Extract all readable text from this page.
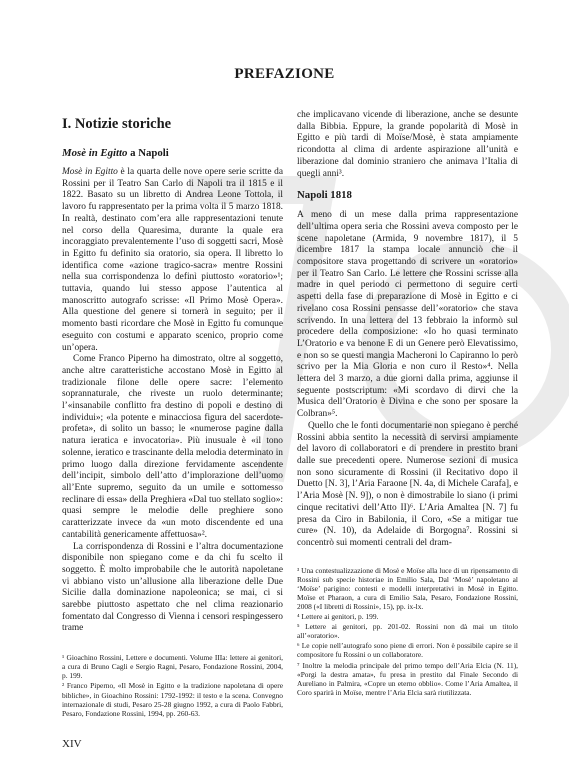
PREFAZIONE
I. Notizie storiche
Mosè in Egitto a Napoli

Mosè in Egitto è la quarta delle nove opere serie scritte da Rossini per il Teatro San Carlo di Napoli tra il 1815 e il 1822. Basato su un libretto di Andrea Leone Tottola, il lavoro fu rappresentato per la prima volta il 5 marzo 1818. In realtà, destinato com’era alle rappresentazioni tenute nel corso della Quaresima, durante la quale era incoraggiato prevalentemente l’uso di soggetti sacri, Mosè in Egitto fu definito sia oratorio, sia opera. Il libretto lo identifica come «azione tragico-sacra» mentre Rossini nella sua corrispondenza lo definì piuttosto «oratorio»¹; tuttavia, quando lui stesso appose l’autentica al manoscritto autografo scrisse: «Il Primo Mosè Opera». Alla questione del genere si tornerà in seguito; per il momento basti ricordare che Mosè in Egitto fu comunque eseguito con costumi e apparato scenico, proprio come un’opera.

Come Franco Piperno ha dimostrato, oltre al soggetto, anche altre caratteristiche accostano Mosè in Egitto al tradizionale filone delle opere sacre: l’elemento soprannaturale, che riveste un ruolo determinante; l’«insanabile conflitto fra destino di popoli e destino di individui»; «la potente e minacciosa figura del sacerdote-profeta», di solito un basso; le «numerose pagine dalla natura ieratica e invocatoria». Più inusuale è «il tono solenne, ieratico e trascinante della melodia determinato in primo luogo dalla direzione fervidamente ascendente dell’incipit, simbolo dell’atto d’implorazione dell’uomo all’Ente supremo, seguito da un umile e sottomesso reclinare di essa» della Preghiera «Dal tuo stellato soglio»: quasi sempre le melodie delle preghiere sono caratterizzate invece da «un moto discendente ed una cantabilità genericamente affettuosa»².

La corrispondenza di Rossini e l’altra documentazione disponibile non spiegano come e da chi fu scelto il soggetto. È molto improbabile che le autorità napoletane vi abbiano visto un’allusione alla liberazione delle Due Sicilie dalla dominazione napoleonica; se mai, ci si sarebbe piuttosto aspettato che nel clima reazionario fomentato dal Congresso di Vienna i censori respingessero trame

¹ Gioachino Rossini, Lettere e documenti. Volume IIIa: lettere ai genitori, a cura di Bruno Cagli e Sergio Ragni, Pesaro, Fondazione Rossini, 2004, p. 199.

² Franco Piperno, «Il Mosè in Egitto e la tradizione napoletana di opere bibliche», in Gioachino Rossini: 1792-1992: il testo e la scena. Convegno internazionale di studi, Pesaro 25-28 giugno 1992, a cura di Paolo Fabbri, Pesaro, Fondazione Rossini, 1994, pp. 260-63.

che implicavano vicende di liberazione, anche se desunte dalla Bibbia. Eppure, la grande popolarità di Mosè in Egitto e più tardi di Moïse/Mosè, è stata ampiamente ricondotta al clima di ardente aspirazione all’unità e liberazione dal dominio straniero che animava l’Italia di quegli anni³.

Napoli 1818

A meno di un mese dalla prima rappresentazione dell’ultima opera seria che Rossini aveva composto per le scene napoletane (Armida, 9 novembre 1817), il 5 dicembre 1817 la stampa locale annunciò che il compositore stava progettando di scrivere un «oratorio» per il Teatro San Carlo. Le lettere che Rossini scrisse alla madre in quel periodo ci permettono di seguire certi aspetti della fase di preparazione di Mosè in Egitto e ci rivelano cosa Rossini pensasse dell’«oratorio» che stava scrivendo. In una lettera del 13 febbraio la informò sul procedere della composizione: «Io ho quasi terminato L’Oratorio e va benone E di un Genere però Elevatissimo, e non so se questi mangia Macheroni lo Capiranno lo però scrivo per la Mia Gloria e non curo il Resto»⁴. Nella lettera del 3 marzo, a due giorni dalla prima, aggiunse il seguente postscriptum: «Mi scordavo di dirvi che la Musica dell’Oratorio è Divina e che sono per sposare la Colbran»⁵.

Quello che le fonti documentarie non spiegano è perché Rossini abbia sentito la necessità di servirsi ampiamente del lavoro di collaboratori e di prendere in prestito brani dalle sue precedenti opere. Numerose sezioni di musica non sono sicuramente di Rossini (il Recitativo dopo il Duetto [N. 3], l’Aria Faraone [N. 4a, di Michele Carafa], e l’Aria Mosè [N. 9]), o non è dimostrabile lo siano (i primi cinque recitativi dell’Atto II)⁶. L’Aria Amaltea [N. 7] fu presa da Ciro in Babilonia, il Coro, «Se a mitigar tue cure» (N. 10), da Adelaide di Borgogna⁷. Rossini si concentrò sui momenti centrali del dram-

³ Una contestualizzazione di Mosè e Moïse alla luce di un ripensamento di Rossini sub specie historiae in Emilio Sala, Dal ‘Mosè’ napoletano al ‘Moïse’ parigino: contesti e modelli interpretativi in Mosè in Egitto. Moïse et Pharaon, a cura di Emilio Sala, Pesaro, Fondazione Rossini, 2008 («I libretti di Rossini», 15), pp. ix-lx.

⁴ Lettere ai genitori, p. 199.

⁵ Lettere ai genitori, pp. 201-02. Rossini non dà mai un titolo all’«oratorio».

⁶ Le copie nell’autografo sono piene di errori. Non è possibile capire se il compositore fu Rossini o un collaboratore.

⁷ Inoltre la melodia principale del primo tempo dell’Aria Elcia (N. 11), «Porgi la destra amata», fu presa in prestito dal Finale Secondo di Aureliano in Palmira, «Copre un eterno obblio». Come l’Aria Amaltea, il Coro sparirà in Moïse, mentre l’Aria Elcia sarà riutilizzata.

XIV
